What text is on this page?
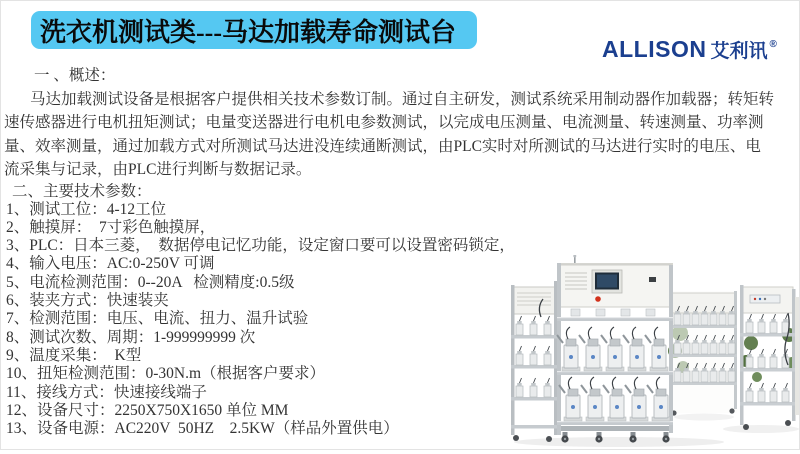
洗衣机测试类---马达加载寿命测试台
ALLISON 艾利讯 ®
一 、概述：
马达加载测试设备是根据客户提供相关技术参数订制。通过自主研发，测试系统采用制动器作加载器；转矩转
速传感器进行电机扭矩测试；电量变送器进行电机电参数测试，以完成电压测量、电流测量、转速测量、功率测
量、效率测量，通过加载方式对所测试马达进没连续通断测试，由PLC实时对所测试的马达进行实时的电压、电
流采集与记录，由PLC进行判断与数据记录。
二、主要技术参数：
1、测试工位：4-12工位
2、触摸屏：  7寸彩色触摸屏，
3、PLC：日本三菱，  数据停电记忆功能，设定窗口要可以设置密码锁定，
4、输入电压：AC:0-250V 可调
5、电流检测范围：0--20A   检测精度:0.5级
6、装夹方式：快速装夹
7、检测范围：电压、电流、扭力、温升试验
8、测试次数、周期：1-999999999 次
9、温度采集：  K型
10、扭矩检测范围：0-30N.m（根据客户要求）
11、接线方式：快速接线端子
12、设备尺寸：2250X750X1650 单位 MM
13、设备电源：AC220V  50HZ    2.5KW（样品外置供电）
